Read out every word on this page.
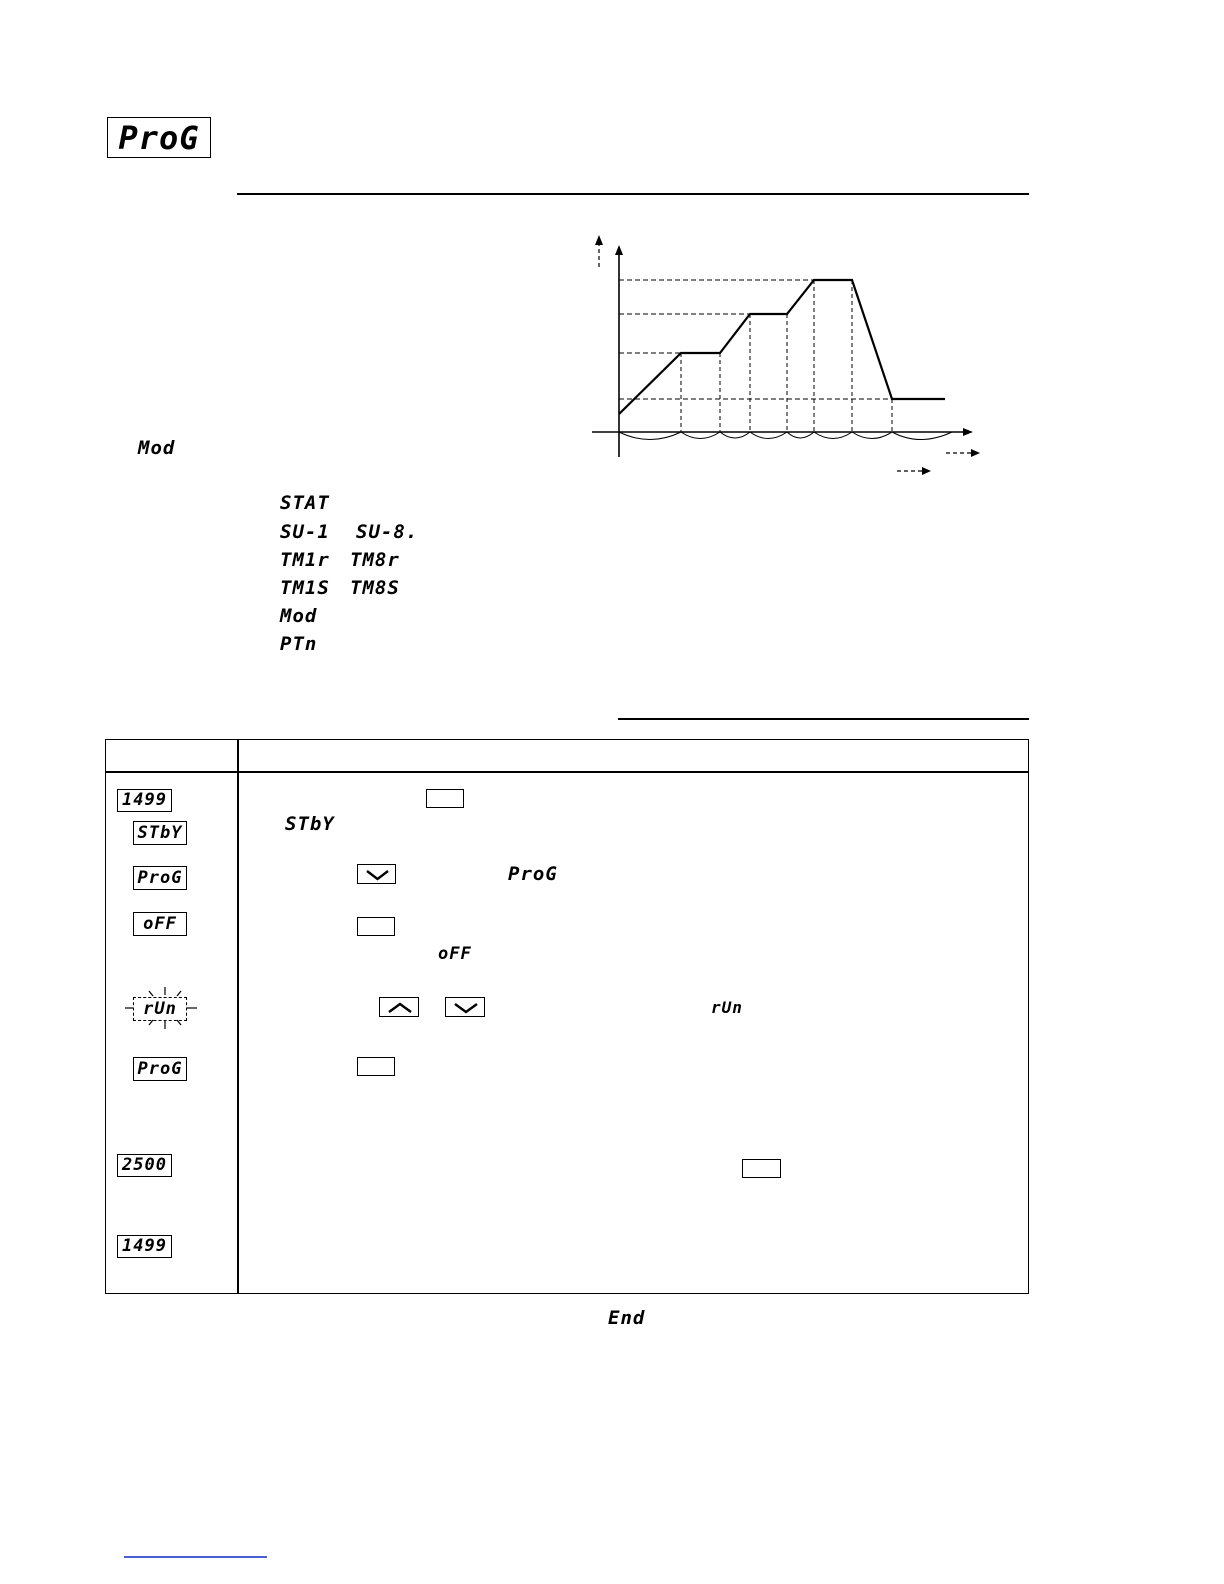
ProG
Mod
STAT
SU-1 SU-8.
TM1r TM8r
TM1S TM8S
Mod
PTn
1499
STbY
ProG
oFF
rUn
ProG
2500
1499
STbY
ProG
oFF
rUn
End
